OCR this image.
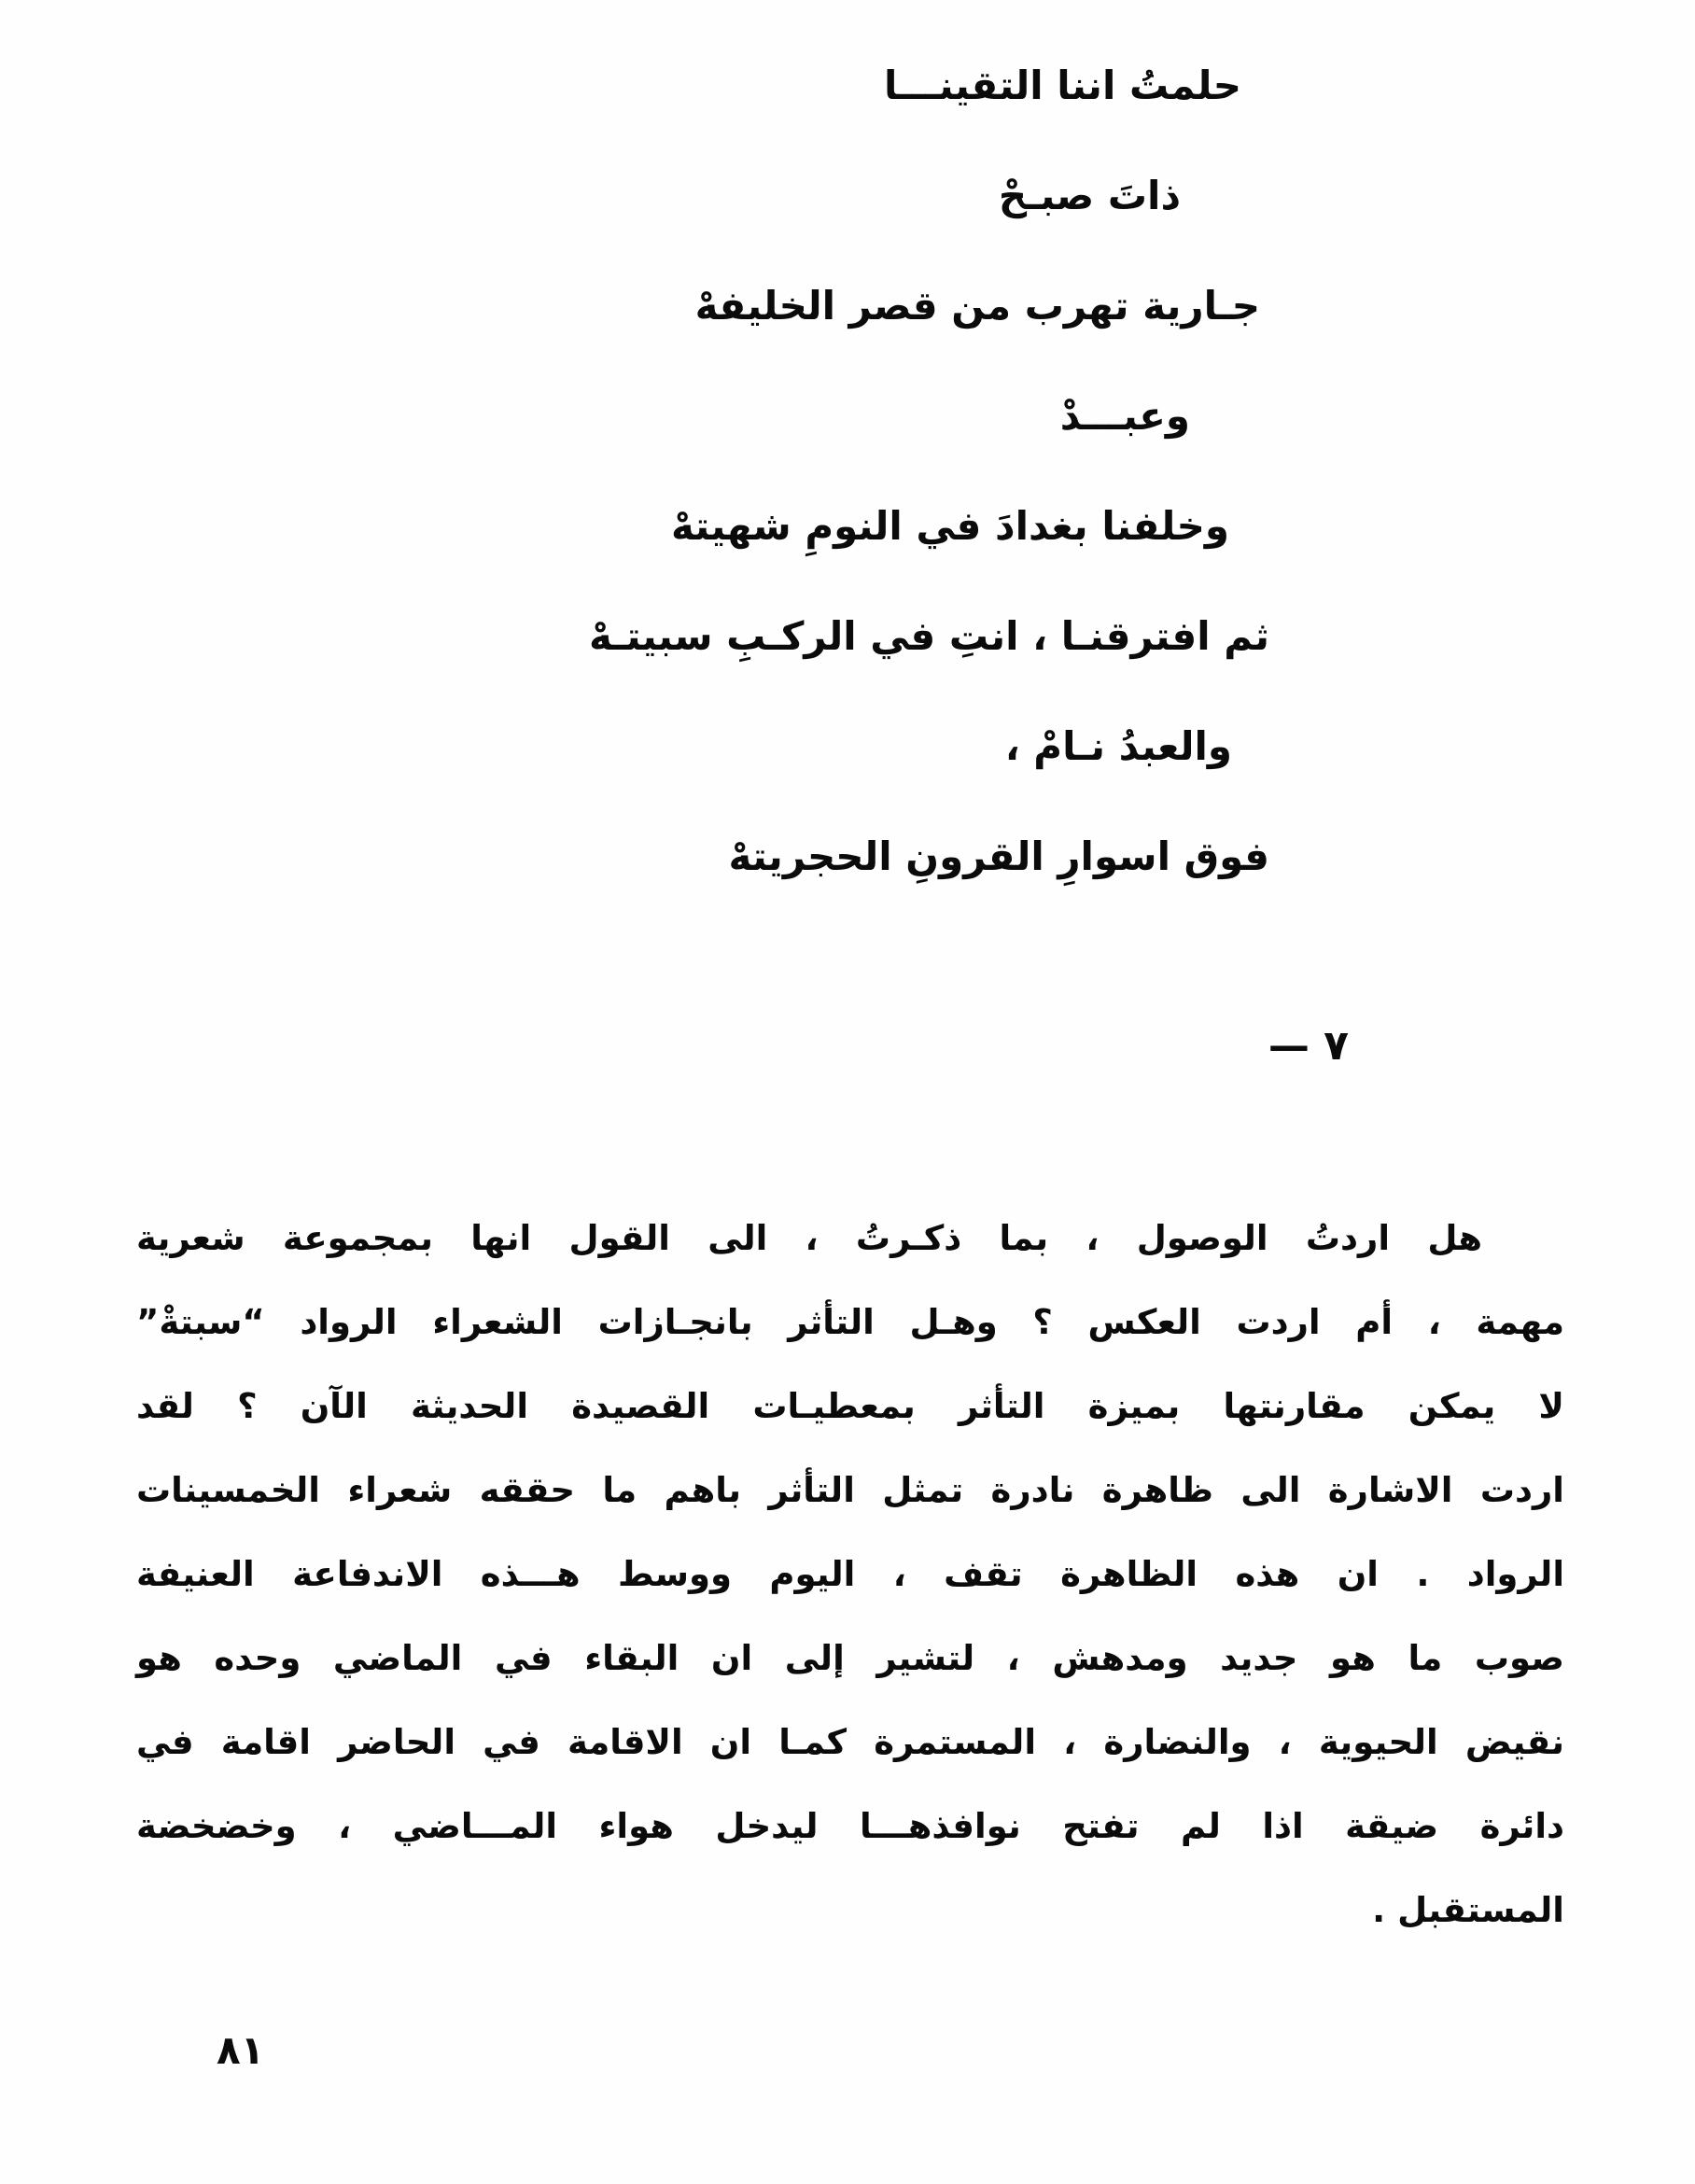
حلمتُ اننا التقينـــا
ذاتَ صبـحْ
جـارية تهرب من قصر الخليفهْ
وعبـــدْ
وخلفنا بغدادَ في النومِ شهيتهْ
ثم افترقنـا ، انتِ في الركـبِ سبيتـهْ
والعبدُ نـامْ ،
فوق اسوارِ القرونِ الحجريتهْ
— ٧
هل اردتُ الوصول ، بما ذكـرتُ ، الى القول انها بمجموعة شعرية
مهمة ، أم اردت العكس ؟ وهـل التأثر بانجـازات الشعراء الرواد “سبتةْ”
لا يمكن مقارنتها بميزة التأثر بمعطيـات القصيدة الحديثة الآن ؟ لقد
اردت الاشارة الى ظاهرة نادرة تمثل التأثر باهم ما حققه شعراء الخمسينات
الرواد . ان هذه الظاهرة تقف ، اليوم ووسط هـــذه الاندفاعة العنيفة
صوب ما هو جديد ومدهش ، لتشير إلى ان البقاء في الماضي وحده هو
نقيض الحيوية ، والنضارة ، المستمرة كمـا ان الاقامة في الحاضر اقامة في
دائرة ضيقة اذا لم تفتح نوافذهـــا ليدخل هواء المـــاضي ، وخضخضة
المستقبل .
٨١
